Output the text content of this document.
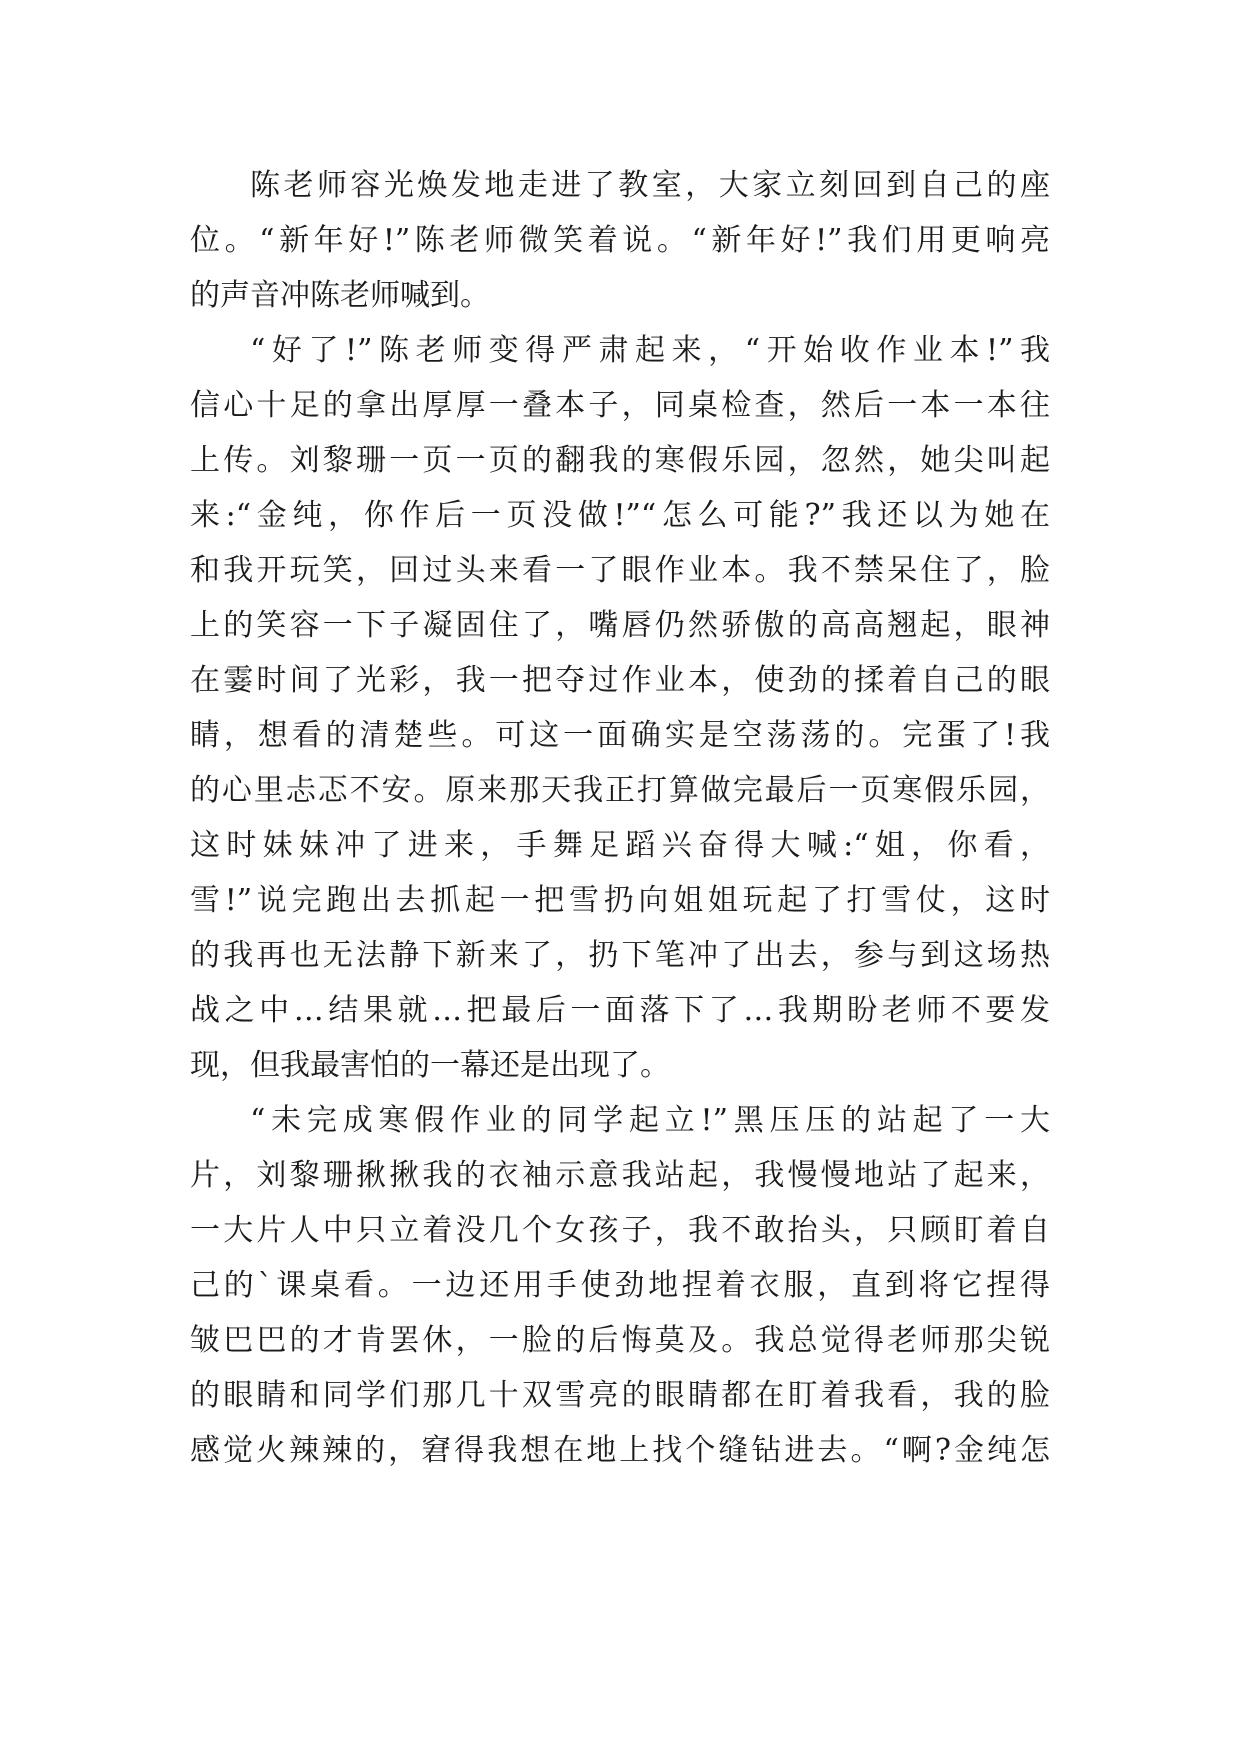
陈老师容光焕发地走进了教室，大家立刻回到自己的座
位。“新年好!”陈老师微笑着说。“新年好!”我们用更响亮
的声音冲陈老师喊到。
“好了!”陈老师变得严肃起来，“开始收作业本!”我
信心十足的拿出厚厚一叠本子，同桌检查，然后一本一本往
上传。刘黎珊一页一页的翻我的寒假乐园，忽然，她尖叫起
来:“金纯，你作后一页没做!”“怎么可能?”我还以为她在
和我开玩笑，回过头来看一了眼作业本。我不禁呆住了，脸
上的笑容一下子凝固住了，嘴唇仍然骄傲的高高翘起，眼神
在霎时间了光彩，我一把夺过作业本，使劲的揉着自己的眼
睛，想看的清楚些。可这一面确实是空荡荡的。完蛋了!我
的心里忐忑不安。原来那天我正打算做完最后一页寒假乐园，
这时妹妹冲了进来，手舞足蹈兴奋得大喊:“姐，你看，
雪!”说完跑出去抓起一把雪扔向姐姐玩起了打雪仗，这时
的我再也无法静下新来了，扔下笔冲了出去，参与到这场热
战之中…结果就…把最后一面落下了…我期盼老师不要发
现，但我最害怕的一幕还是出现了。
“未完成寒假作业的同学起立!”黑压压的站起了一大
片，刘黎珊揪揪我的衣袖示意我站起，我慢慢地站了起来，
一大片人中只立着没几个女孩子，我不敢抬头，只顾盯着自
己的`课桌看。一边还用手使劲地捏着衣服，直到将它捏得
皱巴巴的才肯罢休，一脸的后悔莫及。我总觉得老师那尖锐
的眼睛和同学们那几十双雪亮的眼睛都在盯着我看，我的脸
感觉火辣辣的，窘得我想在地上找个缝钻进去。“啊?金纯怎
